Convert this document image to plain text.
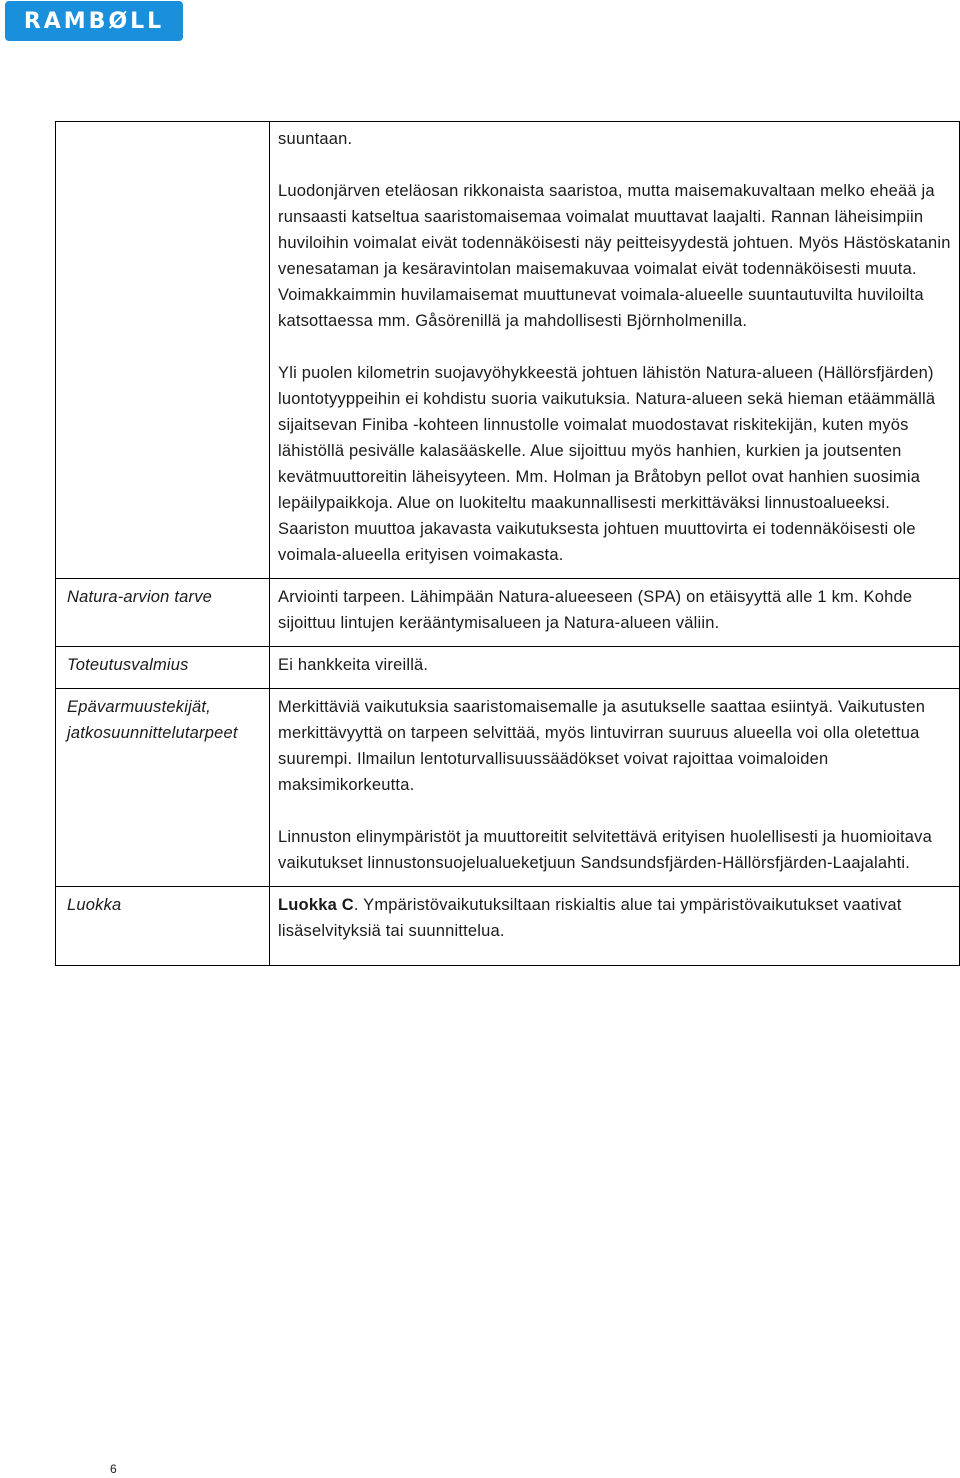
RAMBØLL

	suuntaan.

Luodonjärven eteläosan rikkonaista saaristoa, mutta maisemakuvaltaan melko eheää ja runsaasti katseltua saaristomaisemaa voimalat muuttavat laajalti. Rannan läheisimpiin huviloihin voimalat eivät todennäköisesti näy peitteisyydestä johtuen. Myös Hästöskatanin venesataman ja kesäravintolan maisemakuvaa voimalat eivät todennäköisesti muuta. Voimakkaimmin huvilamaisemat muuttunevat voimala-alueelle suuntautuvilta huviloilta katsottaessa mm. Gåsörenillä ja mahdollisesti Björnholmenilla.

Yli puolen kilometrin suojavyöhykkeestä johtuen lähistön Natura-alueen (Hällörsfjärden) luontotyyppeihin ei kohdistu suoria vaikutuksia. Natura-alueen sekä hieman etäämmällä sijaitsevan Finiba -kohteen linnustolle voimalat muodostavat riskitekijän, kuten myös lähistöllä pesivälle kalasääskelle. Alue sijoittuu myös hanhien, kurkien ja joutsenten kevätmuuttoreitin läheisyyteen. Mm. Holman ja Bråtobyn pellot ovat hanhien suosimia lepäilypaikkoja. Alue on luokiteltu maakunnallisesti merkittäväksi linnustoalueeksi. Saariston muuttoa jakavasta vaikutuksesta johtuen muuttovirta ei todennäköisesti ole voimala-alueella erityisen voimakasta.

Natura-arvion tarve	Arviointi tarpeen. Lähimpään Natura-alueeseen (SPA) on etäisyyttä alle 1 km. Kohde sijoittuu lintujen kerääntymisalueen ja Natura-alueen väliin.

Toteutusvalmius	Ei hankkeita vireillä.

Epävarmuustekijät, jatkosuunnittelutarpeet	Merkittäviä vaikutuksia saaristomaisemalle ja asutukselle saattaa esiintyä. Vaikutusten merkittävyyttä on tarpeen selvittää, myös lintuvirran suuruus alueella voi olla oletettua suurempi. Ilmailun lentoturvallisuussäädökset voivat rajoittaa voimaloiden maksimikorkeutta.

Linnuston elinympäristöt ja muuttoreitit selvitettävä erityisen huolellisesti ja huomioitava vaikutukset linnustonsuojelualueketjuun Sandsundsfjärden-Hällörsfjärden-Laajalahti.

Luokka	Luokka C. Ympäristövaikutuksiltaan riskialtis alue tai ympäristövaikutukset vaativat lisäselvityksiä tai suunnittelua.

6
